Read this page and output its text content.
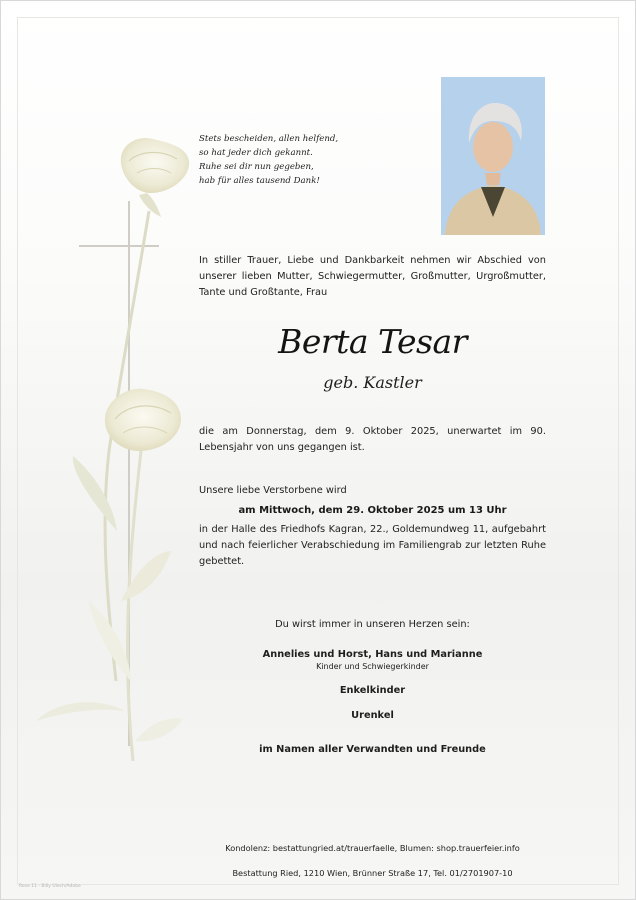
Stets bescheiden, allen helfend,
so hat jeder dich gekannt.
Ruhe sei dir nun gegeben,
hab für alles tausend Dank!
In stiller Trauer, Liebe und Dankbarkeit nehmen wir Abschied von unserer lieben Mutter, Schwiegermutter, Großmutter, Urgroßmutter, Tante und Großtante, Frau
Berta Tesar
geb. Kastler
die am Donnerstag, dem 9. Oktober 2025, unerwartet im 90. Lebensjahr von uns gegangen ist.
Unsere liebe Verstorbene wird
am Mittwoch, dem 29. Oktober 2025 um 13 Uhr
in der Halle des Friedhofs Kagran, 22., Goldemundweg 11, aufgebahrt und nach feierlicher Verabschiedung im Familiengrab zur letzten Ruhe gebettet.
Du wirst immer in unseren Herzen sein:
Annelies und Horst, Hans und Marianne
Kinder und Schwiegerkinder
Enkelkinder
Urenkel
im Namen aller Verwandten und Freunde
Kondolenz: bestattungried.at/trauerfaelle, Blumen: shop.trauerfeier.info
Bestattung Ried, 1210 Wien, Brünner Straße 17, Tel. 01/2701907-10
Rose 11 - Billy Ulech/Adobe
